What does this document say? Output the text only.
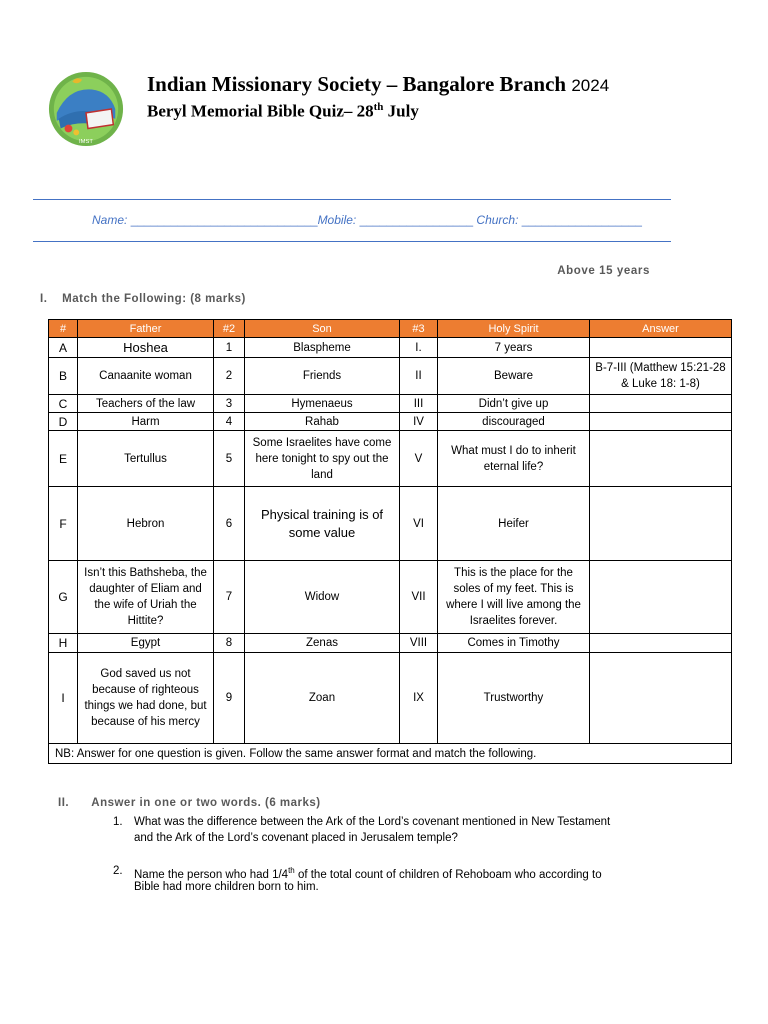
IMST
Indian Missionary Society – Bangalore Branch 2024
Beryl Memorial Bible Quiz– 28th July
Name: ____________________________Mobile: _________________ Church: __________________
Above 15 years
I. Match the Following: (8 marks)
#	Father	#2	Son	#3	Holy Spirit	Answer
A	Hoshea	1	Blaspheme	I.	7 years	
B	Canaanite woman	2	Friends	II	Beware	B-7-III (Matthew 15:21-28 & Luke 18: 1-8)
C	Teachers of the law	3	Hymenaeus	III	Didn’t give up	
D	Harm	4	Rahab	IV	discouraged	
E	Tertullus	5	Some Israelites have come here tonight to spy out the land	V	What must I do to inherit eternal life?	
F	Hebron	6	Physical training is of some value	VI	Heifer	
G	Isn’t this Bathsheba, the daughter of Eliam and the wife of Uriah the Hittite?	7	Widow	VII	This is the place for the soles of my feet. This is where I will live among the Israelites forever.	
H	Egypt	8	Zenas	VIII	Comes in Timothy	
I	God saved us not because of righteous things we had done, but because of his mercy	9	Zoan	IX	Trustworthy	
NB: Answer for one question is given. Follow the same answer format and match the following.						
II. Answer in one or two words. (6 marks)
1. What was the difference between the Ark of the Lord’s covenant mentioned in New Testament
and the Ark of the Lord’s covenant placed in Jerusalem temple?
2. Name the person who had 1/4th of the total count of children of Rehoboam who according to
Bible had more children born to him.
